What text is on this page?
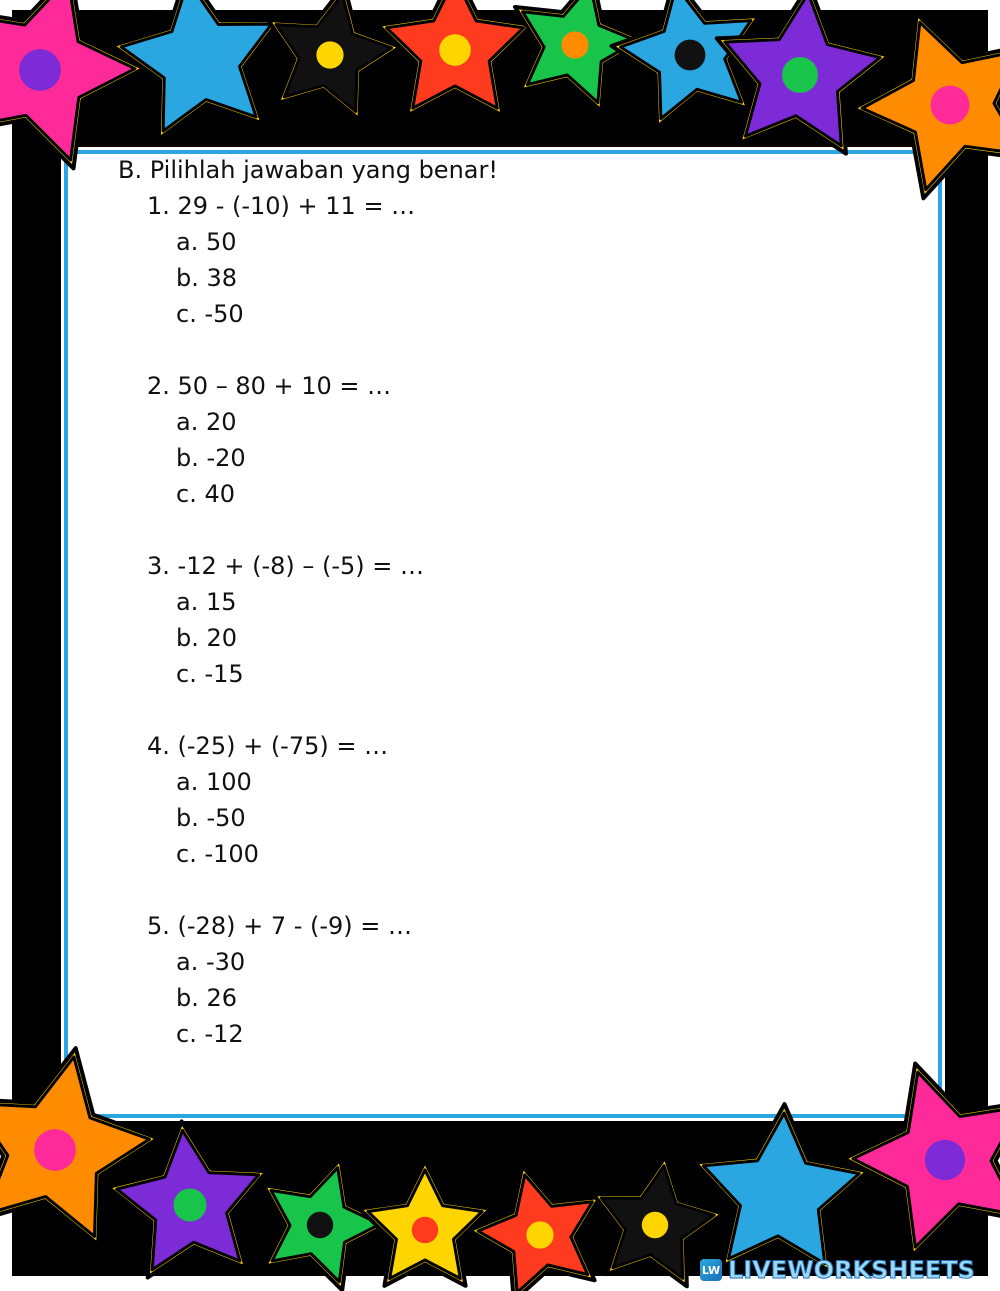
B. Pilihlah jawaban yang benar!
1. 29 - (-10) + 11 = …
a. 50
b. 38
c. -50
2. 50 – 80 + 10 = …
a. 20
b. -20
c. 40
3. -12 + (-8) – (-5) = …
a. 15
b. 20
c. -15
4. (-25) + (-75) = …
a. 100
b. -50
c. -100
5. (-28) + 7 - (-9) = …
a. -30
b. 26
c. -12
LW LIVEWORKSHEETS
